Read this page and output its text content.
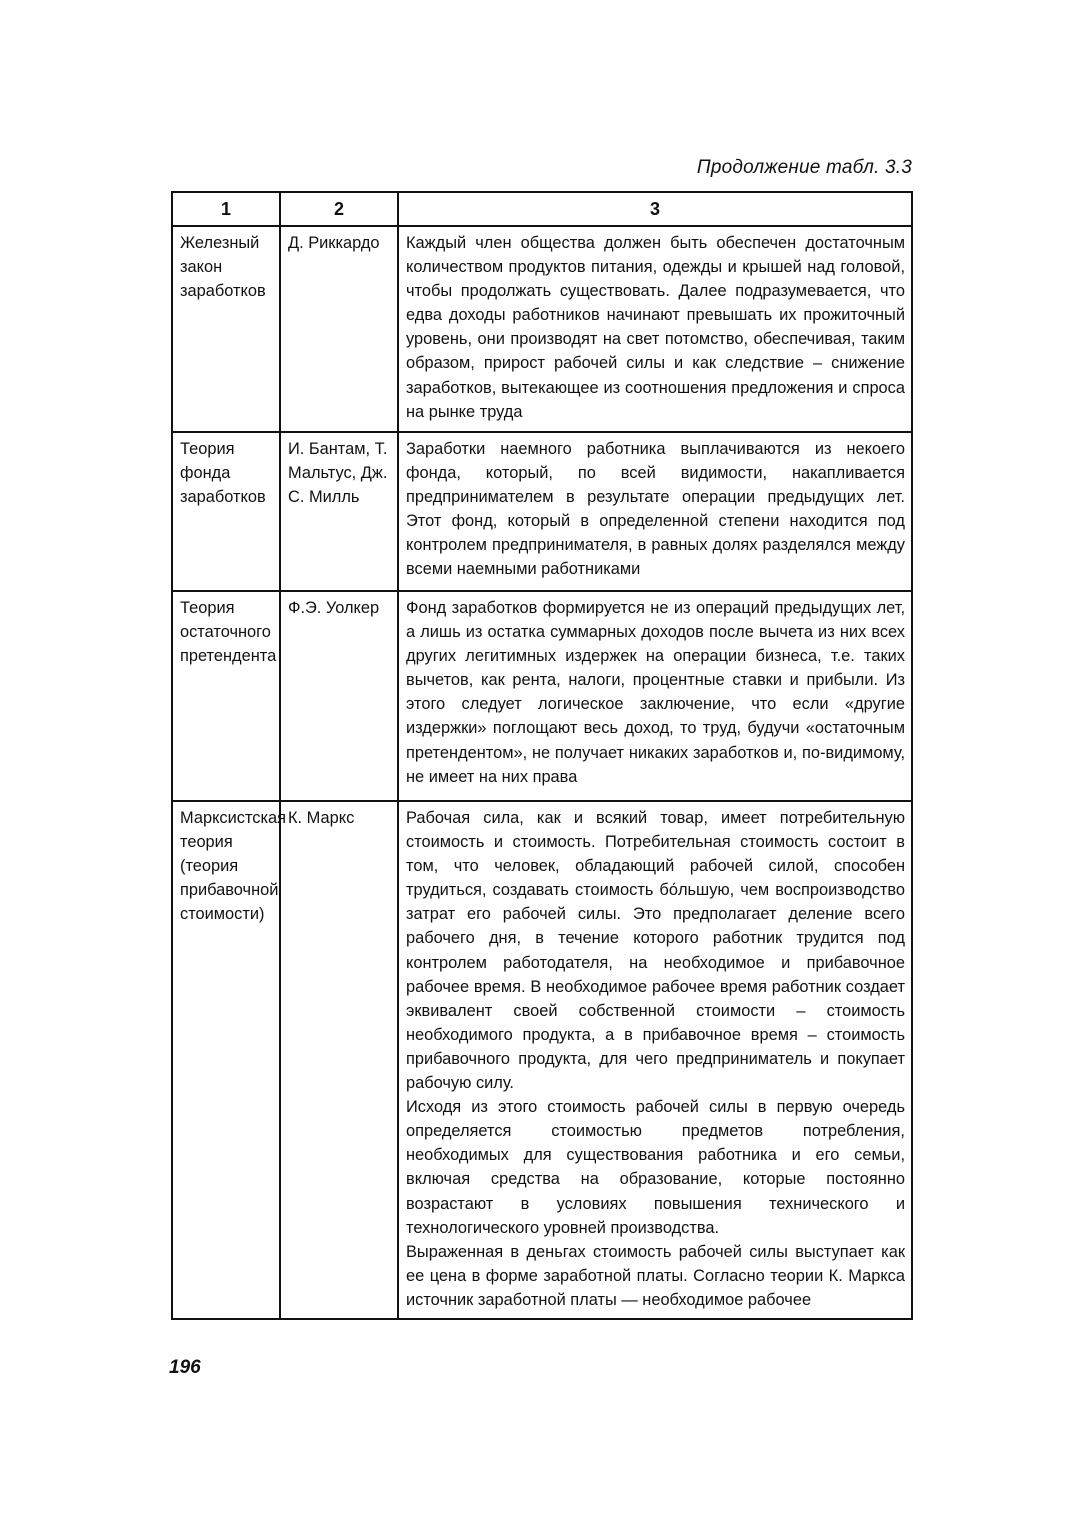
Продолжение табл. 3.3
1	2	3
Железный закон заработков	Д. Риккардо	Каждый член общества должен быть обеспечен достаточным количеством продуктов питания, одежды и крышей над головой, чтобы продолжать существовать. Далее подразумевается, что едва доходы работников начинают превышать их прожиточный уровень, они производят на свет потомство, обеспечивая, таким образом, прирост рабочей силы и как следствие – снижение заработков, вытекающее из соотношения предложения и спроса на рынке труда

Теория фонда заработков	И. Бантам, Т. Мальтус, Дж. С. Милль	Заработки наемного работника выплачиваются из некоего фонда, который, по всей видимости, накапливается предпринимателем в результате операции предыдущих лет. Этот фонд, который в определенной степени находится под контролем предпринимателя, в равных долях разделялся между всеми наемными работниками

Теория остаточного претендента	Ф.Э. Уолкер	Фонд заработков формируется не из операций предыдущих лет, а лишь из остатка суммарных доходов после вычета из них всех других легитимных издержек на операции бизнеса, т.е. таких вычетов, как рента, налоги, процентные ставки и прибыли. Из этого следует логическое заключение, что если «другие издержки» поглощают весь доход, то труд, будучи «остаточным претендентом», не получает никаких заработков и, по-видимому, не имеет на них права

Марксистская теория (теория прибавочной стоимости)	К. Маркс	Рабочая сила, как и всякий товар, имеет потребительную стоимость и стоимость. Потребительная стоимость состоит в том, что человек, обладающий рабочей силой, способен трудиться, создавать стоимость бо́льшую, чем воспроизводство затрат его рабочей силы. Это предполагает деление всего рабочего дня, в течение которого работник трудится под контролем работодателя, на необходимое и прибавочное рабочее время. В необходимое рабочее время работник создает эквивалент своей собственной стоимости – стоимость необходимого продукта, а в прибавочное время – стоимость прибавочного продукта, для чего предприниматель и покупает рабочую силу.
Исходя из этого стоимость рабочей силы в первую очередь определяется стоимостью предметов потребления, необходимых для существования работника и его семьи, включая средства на образование, которые постоянно возрастают в условиях повышения технического и технологического уровней производства.
Выраженная в деньгах стоимость рабочей силы выступает как ее цена в форме заработной платы. Согласно теории К. Маркса источник заработной платы — необходимое рабочее
196
